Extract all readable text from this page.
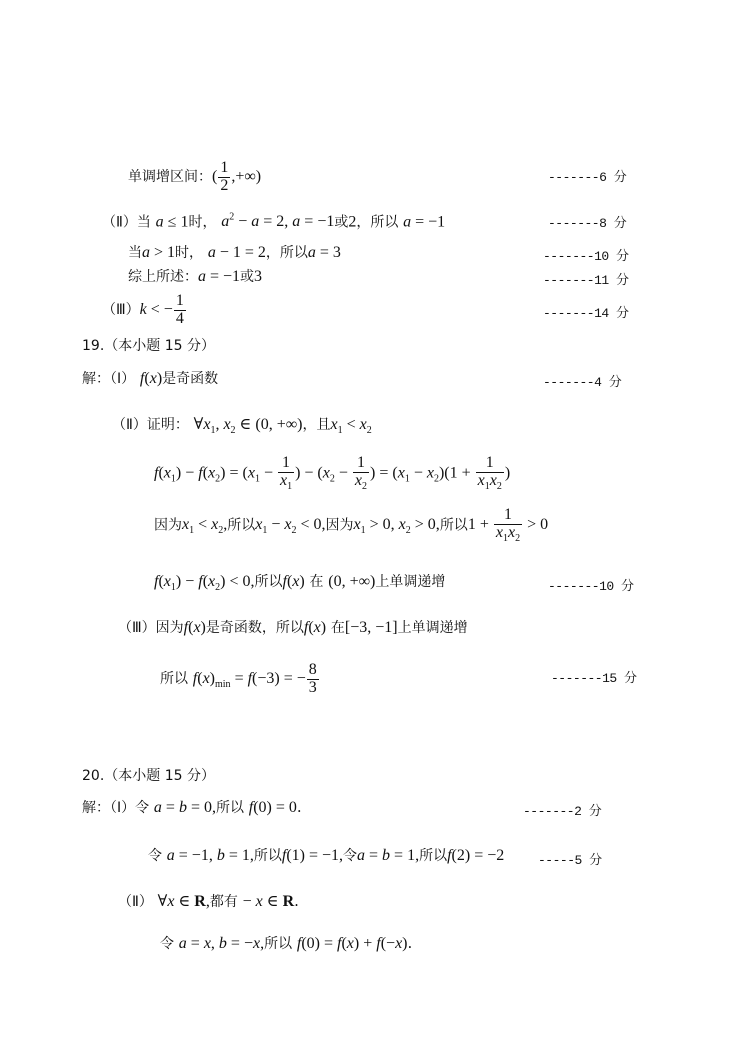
单调增区间：( $\frac{1}{2}$ ,+∞)	-------6 分
（Ⅱ）当 a ≤ 1时， $a^2 - a = 2$, a = −1或2，所以 a = −1	-------8 分
当a > 1时， a − 1 = 2，所以a = 3	-------10 分
综上所述：a = −1或3	-------11 分
（Ⅲ）k < − $\frac{1}{4}$	-------14 分
19.（本小题 15 分）
解：（Ⅰ） f(x)是奇函数	-------4 分
（Ⅱ）证明： $\forall x_1$, $x_2$ ∈ (0, +∞)，且$x_1 < x_2$
$f(x_1) - f(x_2) = (x_1 - \frac{1}{x_1}$ ) − ($x_2 - \frac{1}{x_2}$ ) = $(x_1 - x_2)(1 + \frac{1}{x_1x_2}$ )
因为$x_1 < x_2$,所以$x_1 - x_2 < 0$,因为$x_1 > 0$, $x_2 > 0$,所以$1 + \frac{1}{x_1x_2} > 0$
$f(x_1) - f(x_2) < 0$,所以f(x) 在 (0, +∞)上单调递增	-------10 分
（Ⅲ）因为f(x)是奇函数，所以f(x) 在[−3, −1]上单调递增
所以 $f(x)_{min} = f(-3)$ = − $\frac{8}{3}$	-------15 分
20.（本小题 15 分）
解：（Ⅰ）令 a = b = 0,所以 f(0) = 0.	-------2 分
令 a = −1, b = 1,所以f(1) = −1,令a = b = 1,所以f(2) = −2	-----5 分
（Ⅱ） ∀x ∈ R,都有 − x ∈ R.
令 a = x, b = −x,所以 f(0) = f(x) + f(−x).
